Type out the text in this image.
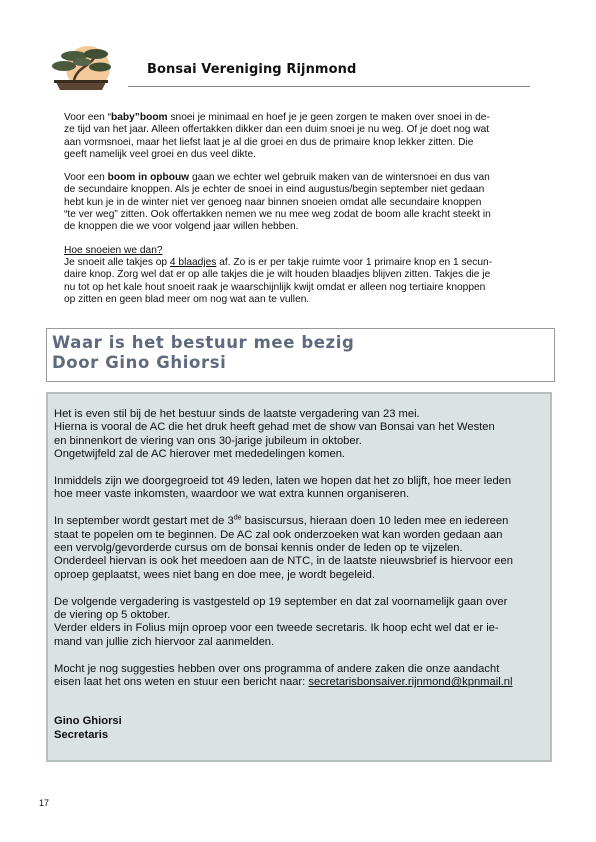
Bonsai Vereniging Rijnmond

Voor een “baby”boom snoei je minimaal en hoef je je geen zorgen te maken over snoei in de-
ze tijd van het jaar. Alleen offertakken dikker dan een duim snoei je nu weg. Of je doet nog wat
aan vormsnoei, maar het liefst laat je al die groei en dus de primaire knop lekker zitten. Die
geeft namelijk veel groei en dus veel dikte.

Voor een boom in opbouw gaan we echter wel gebruik maken van de wintersnoei en dus van
de secundaire knoppen. Als je echter de snoei in eind augustus/begin september niet gedaan
hebt kun je in de winter niet ver genoeg naar binnen snoeien omdat alle secundaire knoppen
“te ver weg” zitten. Ook offertakken nemen we nu mee weg zodat de boom alle kracht steekt in
de knoppen die we voor volgend jaar willen hebben.

Hoe snoeien we dan?
Je snoeit alle takjes op 4 blaadjes af. Zo is er per takje ruimte voor 1 primaire knop en 1 secun-
daire knop. Zorg wel dat er op alle takjes die je wilt houden blaadjes blijven zitten. Takjes die je
nu tot op het kale hout snoeit raak je waarschijnlijk kwijt omdat er alleen nog tertiaire knoppen
op zitten en geen blad meer om nog wat aan te vullen.

Waar is het bestuur mee bezig
Door Gino Ghiorsi

Het is even stil bij de het bestuur sinds de laatste vergadering van 23 mei.
Hierna is vooral de AC die het druk heeft gehad met de show van Bonsai van het Westen
en binnenkort de viering van ons 30-jarige jubileum in oktober.
Ongetwijfeld zal de AC hierover met mededelingen komen.

Inmiddels zijn we doorgegroeid tot 49 leden, laten we hopen dat het zo blijft, hoe meer leden
hoe meer vaste inkomsten, waardoor we wat extra kunnen organiseren.

In september wordt gestart met de 3de basiscursus, hieraan doen 10 leden mee en iedereen
staat te popelen om te beginnen. De AC zal ook onderzoeken wat kan worden gedaan aan
een vervolg/gevorderde cursus om de bonsai kennis onder de leden op te vijzelen.
Onderdeel hiervan is ook het meedoen aan de NTC, in de laatste nieuwsbrief is hiervoor een
oproep geplaatst, wees niet bang en doe mee, je wordt begeleid.

De volgende vergadering is vastgesteld op 19 september en dat zal voornamelijk gaan over
de viering op 5 oktober.
Verder elders in Folius mijn oproep voor een tweede secretaris. Ik hoop echt wel dat er ie-
mand van jullie zich hiervoor zal aanmelden.

Mocht je nog suggesties hebben over ons programma of andere zaken die onze aandacht
eisen laat het ons weten en stuur een bericht naar: secretarisbonsaiver.rijnmond@kpnmail.nl

Gino Ghiorsi
Secretaris
17
